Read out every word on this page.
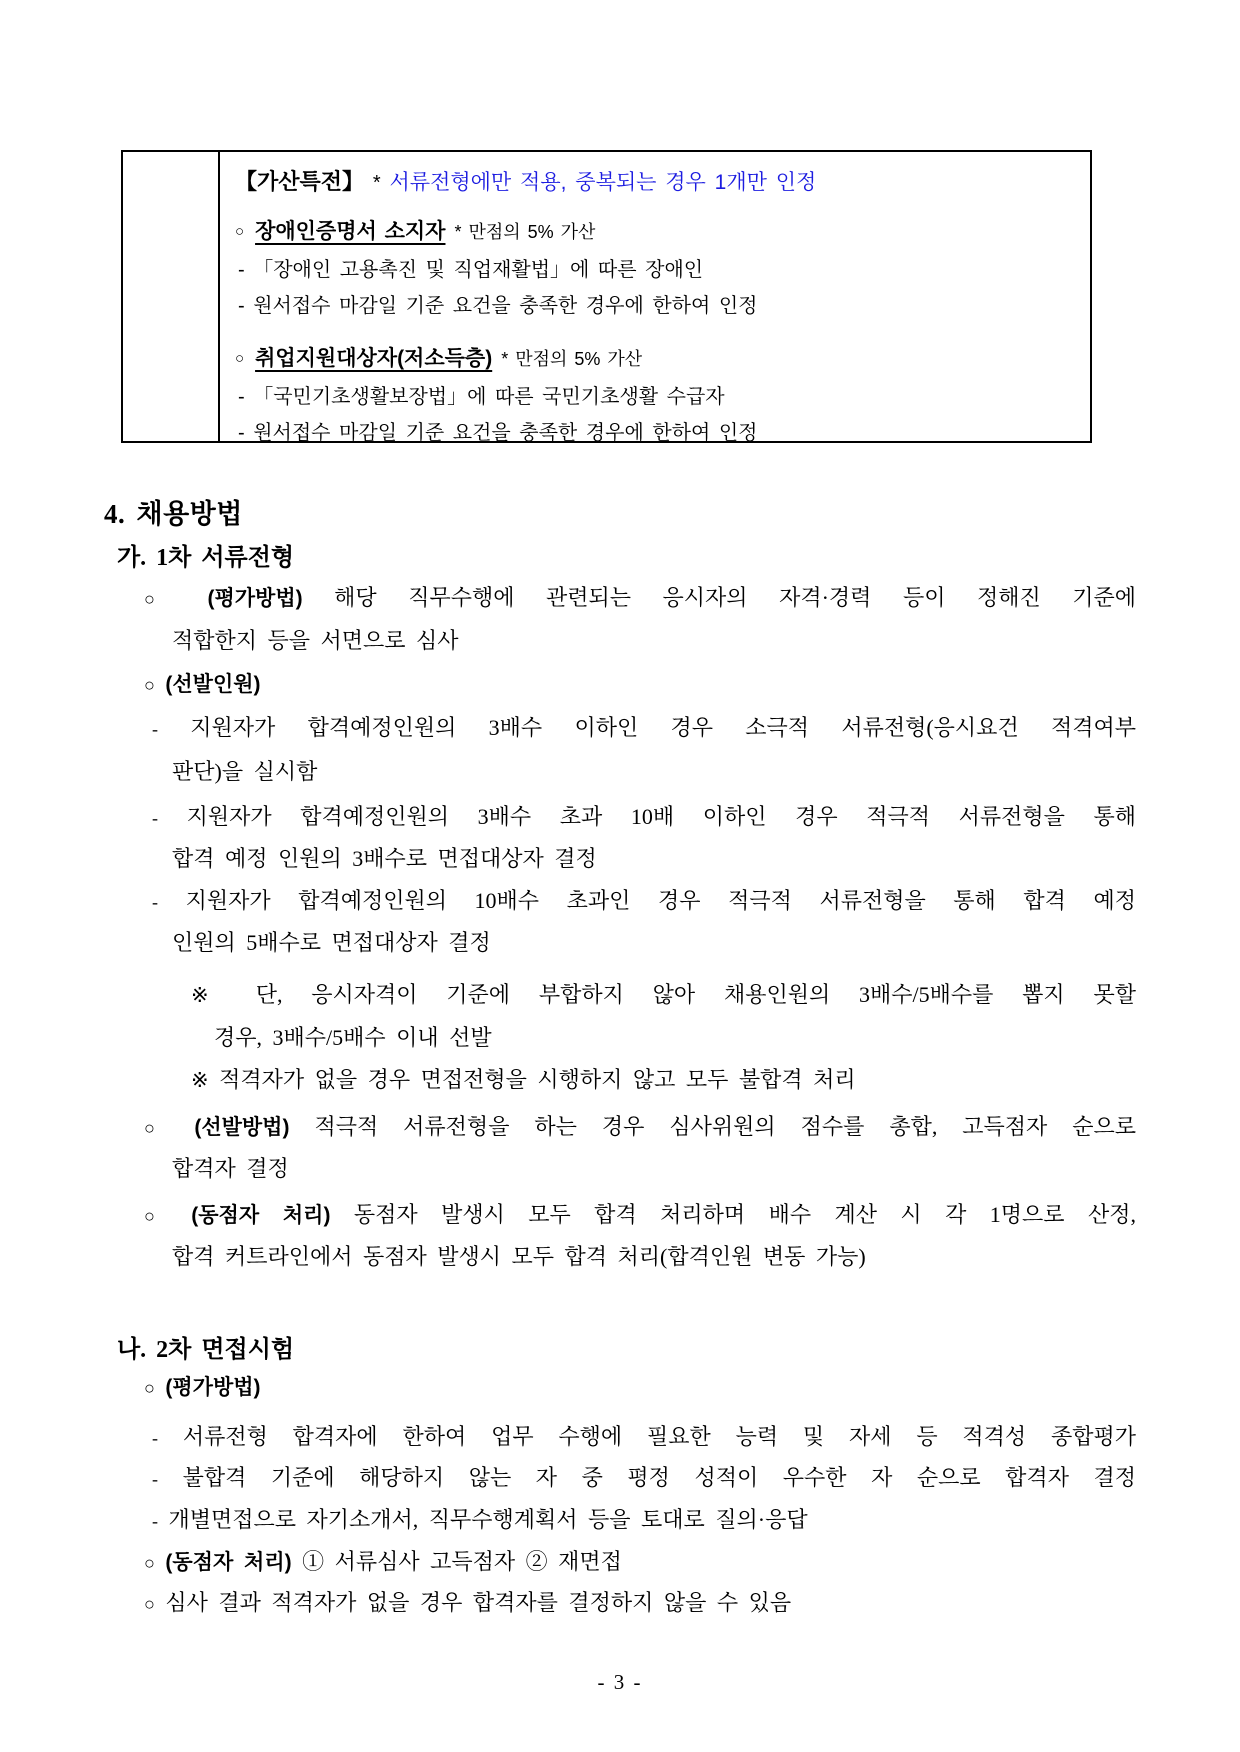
【가산특전】 * 서류전형에만 적용, 중복되는 경우 1개만 인정
○ 장애인증명서 소지자 * 만점의 5% 가산
- 「장애인 고용촉진 및 직업재활법」에 따른 장애인
- 원서접수 마감일 기준 요건을 충족한 경우에 한하여 인정
○ 취업지원대상자(저소득층) * 만점의 5% 가산
- 「국민기초생활보장법」에 따른 국민기초생활 수급자
- 원서접수 마감일 기준 요건을 충족한 경우에 한하여 인정
4. 채용방법
가. 1차 서류전형
○ (평가방법) 해당 직무수행에 관련되는 응시자의 자격·경력 등이 정해진 기준에
적합한지 등을 서면으로 심사
○ (선발인원)
- 지원자가 합격예정인원의 3배수 이하인 경우 소극적 서류전형(응시요건 적격여부
판단)을 실시함
- 지원자가 합격예정인원의 3배수 초과 10배 이하인 경우 적극적 서류전형을 통해
합격 예정 인원의 3배수로 면접대상자 결정
- 지원자가 합격예정인원의 10배수 초과인 경우 적극적 서류전형을 통해 합격 예정
인원의 5배수로 면접대상자 결정
※ 단, 응시자격이 기준에 부합하지 않아 채용인원의 3배수/5배수를 뽑지 못할
경우, 3배수/5배수 이내 선발
※ 적격자가 없을 경우 면접전형을 시행하지 않고 모두 불합격 처리
○ (선발방법) 적극적 서류전형을 하는 경우 심사위원의 점수를 총합, 고득점자 순으로
합격자 결정
○ (동점자 처리) 동점자 발생시 모두 합격 처리하며 배수 계산 시 각 1명으로 산정,
합격 커트라인에서 동점자 발생시 모두 합격 처리(합격인원 변동 가능)
나. 2차 면접시험
○ (평가방법)
- 서류전형 합격자에 한하여 업무 수행에 필요한 능력 및 자세 등 적격성 종합평가
- 불합격 기준에 해당하지 않는 자 중 평정 성적이 우수한 자 순으로 합격자 결정
- 개별면접으로 자기소개서, 직무수행계획서 등을 토대로 질의·응답
○ (동점자 처리) ① 서류심사 고득점자 ② 재면접
○ 심사 결과 적격자가 없을 경우 합격자를 결정하지 않을 수 있음
- 3 -
